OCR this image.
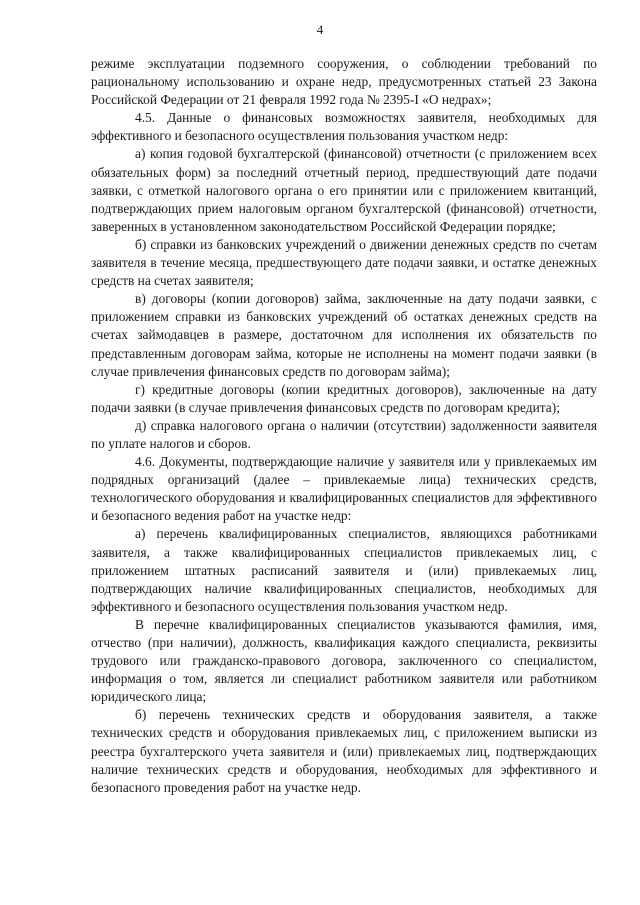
4

режиме эксплуатации подземного сооружения, о соблюдении требований по рациональному использованию и охране недр, предусмотренных статьей 23 Закона Российской Федерации от 21 февраля 1992 года № 2395-I «О недрах»;

4.5. Данные о финансовых возможностях заявителя, необходимых для эффективного и безопасного осуществления пользования участком недр:

а) копия годовой бухгалтерской (финансовой) отчетности (с приложением всех обязательных форм) за последний отчетный период, предшествующий дате подачи заявки, с отметкой налогового органа о его принятии или с приложением квитанций, подтверждающих прием налоговым органом бухгалтерской (финансовой) отчетности, заверенных в установленном законодательством Российской Федерации порядке;

б) справки из банковских учреждений о движении денежных средств по счетам заявителя в течение месяца, предшествующего дате подачи заявки, и остатке денежных средств на счетах заявителя;

в) договоры (копии договоров) займа, заключенные на дату подачи заявки, с приложением справки из банковских учреждений об остатках денежных средств на счетах займодавцев в размере, достаточном для исполнения их обязательств по представленным договорам займа, которые не исполнены на момент подачи заявки (в случае привлечения финансовых средств по договорам займа);

г) кредитные договоры (копии кредитных договоров), заключенные на дату подачи заявки (в случае привлечения финансовых средств по договорам кредита);

д) справка налогового органа о наличии (отсутствии) задолженности заявителя по уплате налогов и сборов.

4.6. Документы, подтверждающие наличие у заявителя или у привлекаемых им подрядных организаций (далее – привлекаемые лица) технических средств, технологического оборудования и квалифицированных специалистов для эффективного и безопасного ведения работ на участке недр:

а) перечень квалифицированных специалистов, являющихся работниками заявителя, а также квалифицированных специалистов привлекаемых лиц, с приложением штатных расписаний заявителя и (или) привлекаемых лиц, подтверждающих наличие квалифицированных специалистов, необходимых для эффективного и безопасного осуществления пользования участком недр.

В перечне квалифицированных специалистов указываются фамилия, имя, отчество (при наличии), должность, квалификация каждого специалиста, реквизиты трудового или гражданско-правового договора, заключенного со специалистом, информация о том, является ли специалист работником заявителя или работником юридического лица;

б) перечень технических средств и оборудования заявителя, а также технических средств и оборудования привлекаемых лиц, с приложением выписки из реестра бухгалтерского учета заявителя и (или) привлекаемых лиц, подтверждающих наличие технических средств и оборудования, необходимых для эффективного и безопасного проведения работ на участке недр.
